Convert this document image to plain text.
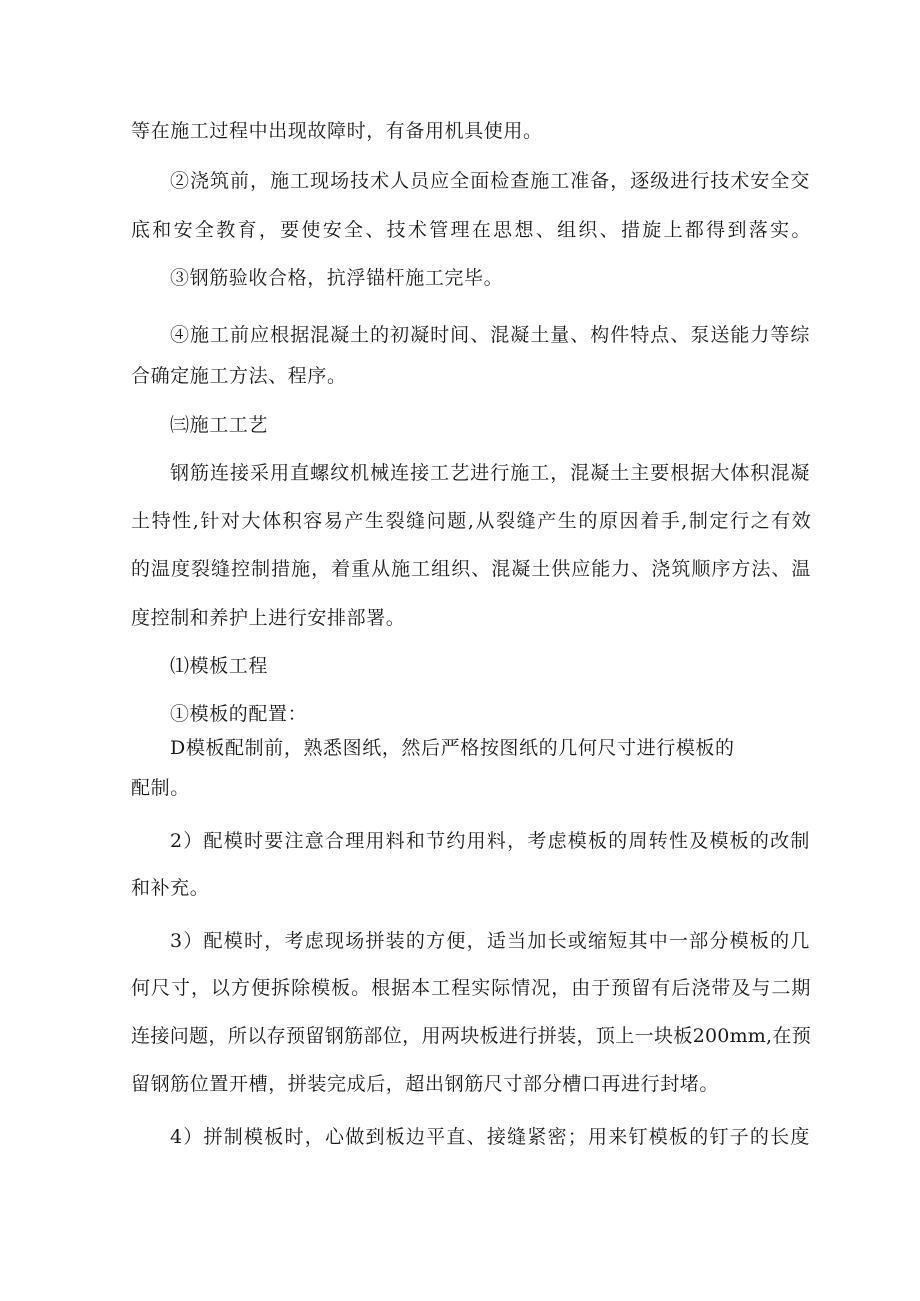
等在施工过程中出现故障时，有备用机具使用。
②浇筑前，施工现场技术人员应全面检查施工准备，逐级进行技术安全交
底和安全教育，要使安全、技术管理在思想、组织、措旋上都得到落实。
③钢筋验收合格，抗浮锚杆施工完毕。
④施工前应根据混凝土的初凝时间、混凝土量、构件特点、泵送能力等综
合确定施工方法、程序。
㈢施工工艺
钢筋连接采用直螺纹机械连接工艺进行施工，混凝土主要根据大体积混凝
土特性,针对大体积容易产生裂缝问题,从裂缝产生的原因着手,制定行之有效
的温度裂缝控制措施，着重从施工组织、混凝土供应能力、浇筑顺序方法、温
度控制和养护上进行安排部署。
⑴模板工程
①模板的配置：
D模板配制前，熟悉图纸，然后严格按图纸的几何尺寸进行模板的
配制。
2）配模时要注意合理用料和节约用料，考虑模板的周转性及模板的改制
和补充。
3）配模时，考虑现场拼装的方便，适当加长或缩短其中一部分模板的几
何尺寸，以方便拆除模板。根据本工程实际情况，由于预留有后浇带及与二期
连接问题，所以存预留钢筋部位，用两块板进行拼装，顶上一块板200mm,在预
留钢筋位置开槽，拼装完成后，超出钢筋尺寸部分槽口再进行封堵。
4）拼制模板时，心做到板边平直、接缝紧密；用来钉模板的钉子的长度
